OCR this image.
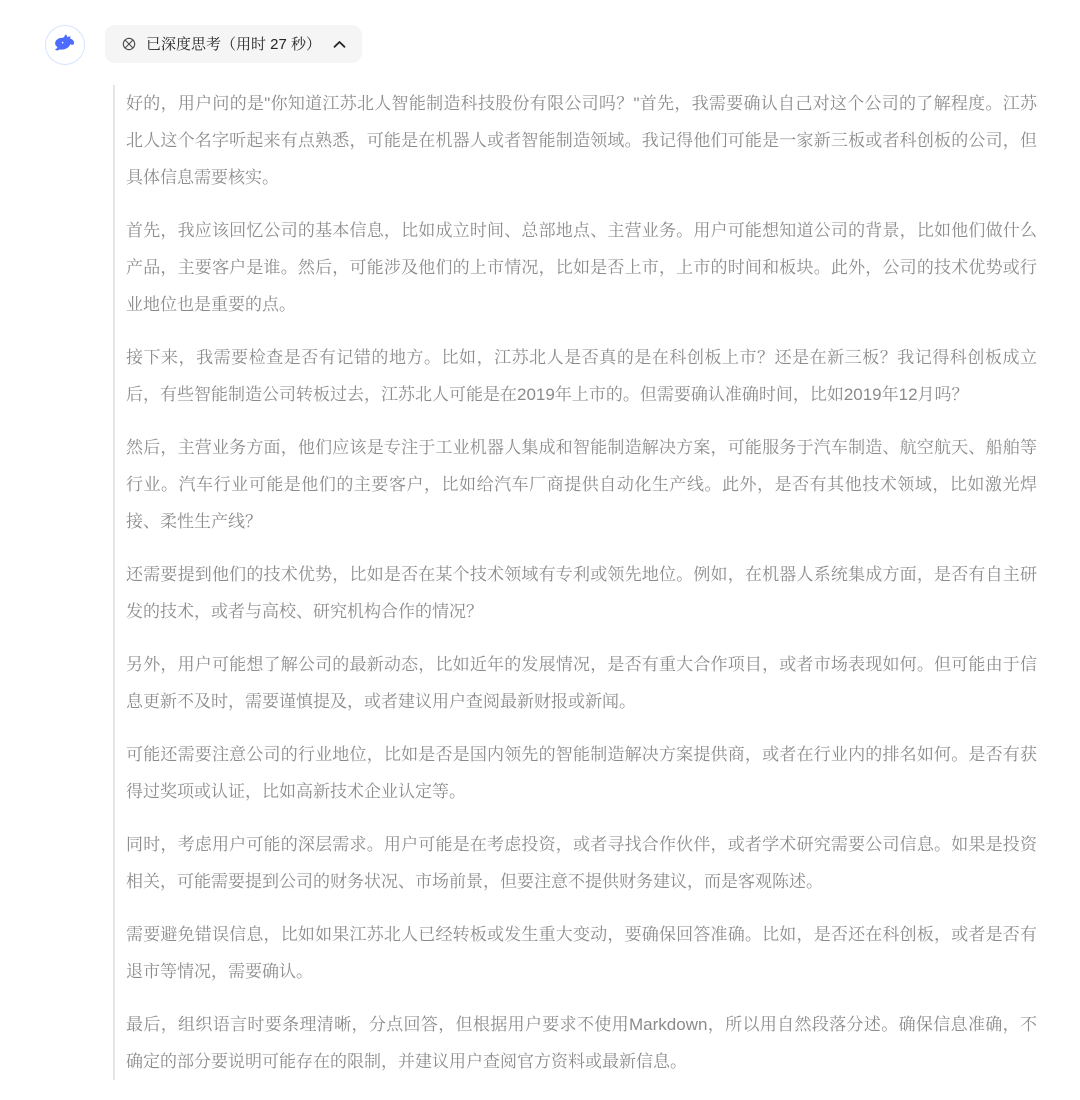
已深度思考（用时 27 秒）

好的，用户问的是"你知道江苏北人智能制造科技股份有限公司吗？"首先，我需要确认自己对这个公司的了解程度。江苏北人这个名字听起来有点熟悉，可能是在机器人或者智能制造领域。我记得他们可能是一家新三板或者科创板的公司，但具体信息需要核实。

首先，我应该回忆公司的基本信息，比如成立时间、总部地点、主营业务。用户可能想知道公司的背景，比如他们做什么产品，主要客户是谁。然后，可能涉及他们的上市情况，比如是否上市，上市的时间和板块。此外，公司的技术优势或行业地位也是重要的点。

接下来，我需要检查是否有记错的地方。比如，江苏北人是否真的是在科创板上市？还是在新三板？我记得科创板成立后，有些智能制造公司转板过去，江苏北人可能是在2019年上市的。但需要确认准确时间，比如2019年12月吗？

然后，主营业务方面，他们应该是专注于工业机器人集成和智能制造解决方案，可能服务于汽车制造、航空航天、船舶等行业。汽车行业可能是他们的主要客户，比如给汽车厂商提供自动化生产线。此外，是否有其他技术领域，比如激光焊接、柔性生产线？

还需要提到他们的技术优势，比如是否在某个技术领域有专利或领先地位。例如，在机器人系统集成方面，是否有自主研发的技术，或者与高校、研究机构合作的情况？

另外，用户可能想了解公司的最新动态，比如近年的发展情况，是否有重大合作项目，或者市场表现如何。但可能由于信息更新不及时，需要谨慎提及，或者建议用户查阅最新财报或新闻。

可能还需要注意公司的行业地位，比如是否是国内领先的智能制造解决方案提供商，或者在行业内的排名如何。是否有获得过奖项或认证，比如高新技术企业认定等。

同时，考虑用户可能的深层需求。用户可能是在考虑投资，或者寻找合作伙伴，或者学术研究需要公司信息。如果是投资相关，可能需要提到公司的财务状况、市场前景，但要注意不提供财务建议，而是客观陈述。

需要避免错误信息，比如如果江苏北人已经转板或发生重大变动，要确保回答准确。比如，是否还在科创板，或者是否有退市等情况，需要确认。

最后，组织语言时要条理清晰，分点回答，但根据用户要求不使用Markdown，所以用自然段落分述。确保信息准确，不确定的部分要说明可能存在的限制，并建议用户查阅官方资料或最新信息。
